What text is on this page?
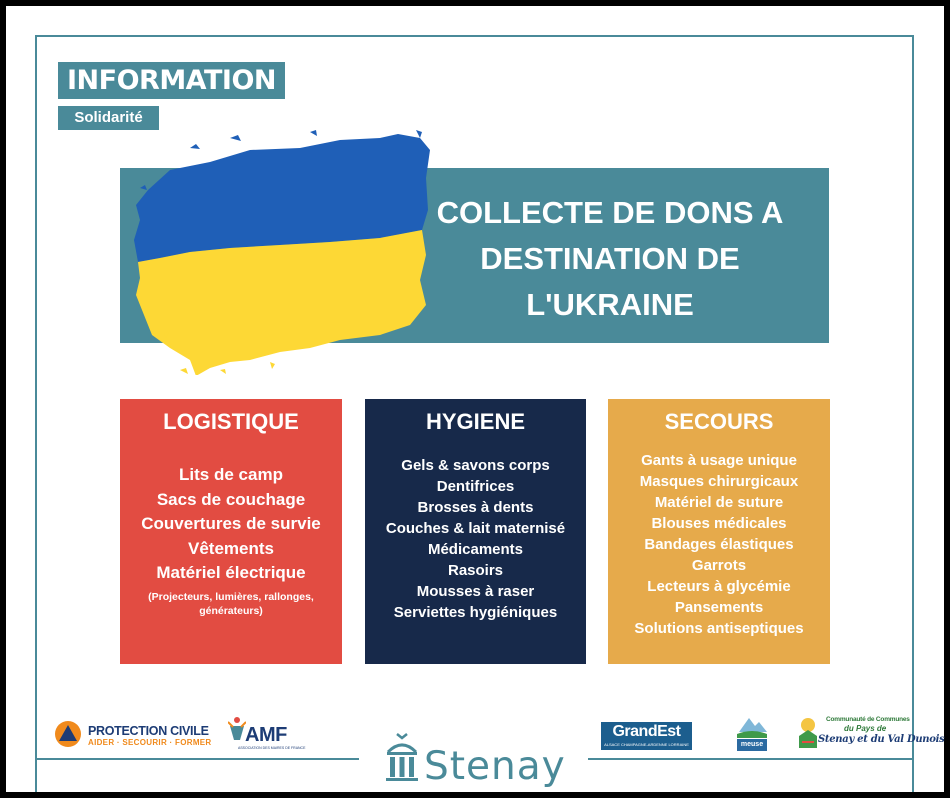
INFORMATION
Solidarité
COLLECTE DE DONS A
DESTINATION DE
L'UKRAINE
LOGISTIQUE
Lits de camp
Sacs de couchage
Couvertures de survie
Vêtements
Matériel électrique
(Projecteurs, lumières, rallonges, générateurs)
HYGIENE
Gels & savons corps
Dentifrices
Brosses à dents
Couches & lait maternisé
Médicaments
Rasoirs
Mousses à raser
Serviettes hygiéniques
SECOURS
Gants à usage unique
Masques chirurgicaux
Matériel de suture
Blouses médicales
Bandages élastiques
Garrots
Lecteurs à glycémie
Pansements
Solutions antiseptiques
PROTECTION CIVILE
AIDER · SECOURIR · FORMER AMF
ASSOCIATION DES MAIRES DE FRANCE	Stenay
GrandEst
ALSACE CHAMPAGNE-ARDENNE LORRAINE	meuse
Communauté de Communes
du Pays de
Stenay et du Val Dunois
